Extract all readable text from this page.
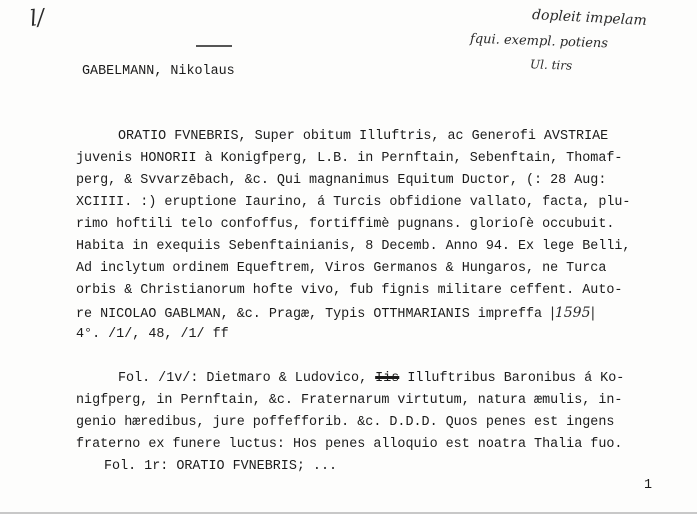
l/	dopleit impelam
fqui. exempl. potiens
Ul. tirs
GABELMANN, Nikolaus
ORATIO FVNEBRIS, Super obitum Illuftris, ac Generofi AVSTRIAE
juvenis HONORII à Konigfperg, L.B. in Pernftain, Sebenftain, Thomaf-
perg, & Svvarzēbach, &c. Qui magnanimus Equitum Ductor, (: 28 Aug:
XCIIII. :) eruptione Iaurino, á Turcis obfidione vallato, facta, plu-
rimo hoftili telo confoffus, fortiffimè pugnans. glorioſè occubuit.
Habita in exequiis Sebenftainianis, 8 Decemb. Anno 94. Ex lege Belli,
Ad inclytum ordinem Equeftrem, Viros Germanos & Hungaros, ne Turca
orbis & Christianorum hofte vivo, fub fignis militare ceffent. Auto-
re NICOLAO GABLMAN, &c. Pragæ, Typis OTTHMARIANIS impreffa |1595|
4°. /1/, 48, /1/ ff
Fol. /1v/: Dietmaro & Ludovico, Iis Illuftribus Baronibus á Ko-
nigfperg, in Pernftain, &c. Fraternarum virtutum, natura æmulis, in-
genio hæredibus, jure poffefforib. &c. D.D.D. Quos penes est ingens
fraterno ex funere luctus: Hos penes alloquio est noatra Thalia fuo.
Fol. 1r: ORATIO FVNEBRIS; ...
1
